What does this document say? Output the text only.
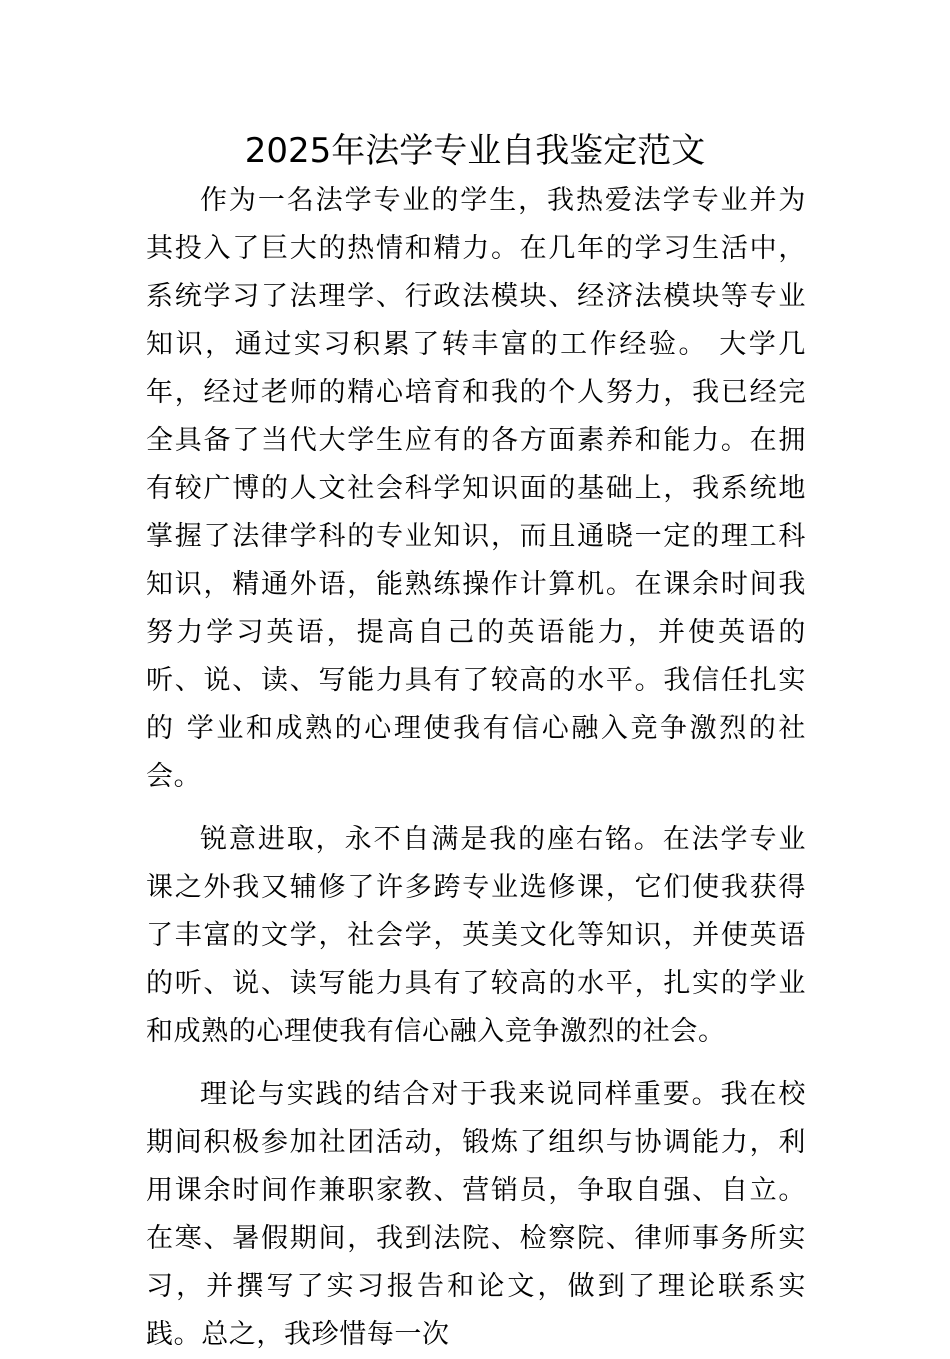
2025年法学专业自我鉴定范文

作为一名法学专业的学生，我热爱法学专业并为其投入了巨大的热情和精力。在几年的学习生活中，系统学习了法理学、行政法模块、经济法模块等专业知识，通过实习积累了转丰富的工作经验。 大学几年，经过老师的精心培育和我的个人努力，我已经完全具备了当代大学生应有的各方面素养和能力。在拥有较广博的人文社会科学知识面的基础上，我系统地掌握了法律学科的专业知识，而且通晓一定的理工科知识，精通外语，能熟练操作计算机。在课余时间我努力学习英语，提高自己的英语能力，并使英语的听、说、读、写能力具有了较高的水平。我信任扎实的 学业和成熟的心理使我有信心融入竞争激烈的社会。

锐意进取，永不自满是我的座右铭。在法学专业课之外我又辅修了许多跨专业选修课，它们使我获得了丰富的文学，社会学，英美文化等知识，并使英语的听、说、读写能力具有了较高的水平，扎实的学业和成熟的心理使我有信心融入竞争激烈的社会。

理论与实践的结合对于我来说同样重要。我在校期间积极参加社团活动，锻炼了组织与协调能力，利用课余时间作兼职家教、营销员，争取自强、自立。在寒、暑假期间，我到法院、检察院、律师事务所实习，并撰写了实习报告和论文，做到了理论联系实践。总之，我珍惜每一次
